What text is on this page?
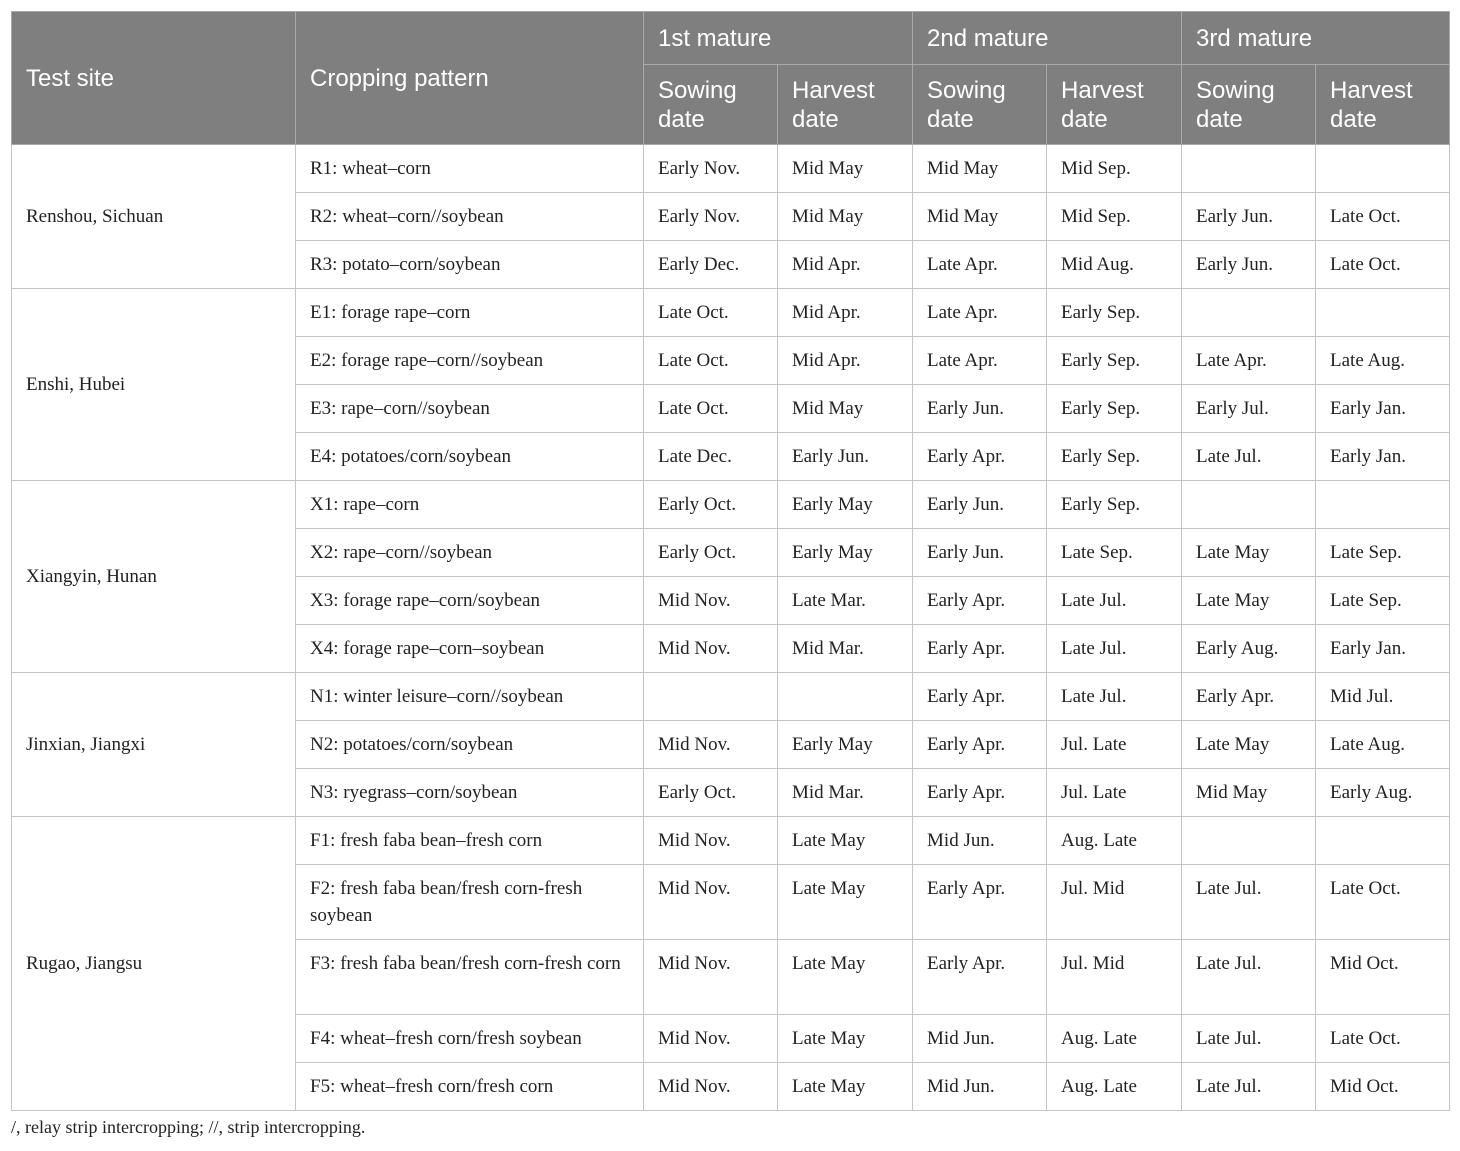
Test site	Cropping pattern	1st mature		2nd mature		3rd mature	
		Sowing date	Harvest date	Sowing date	Harvest date	Sowing date	Harvest date
Renshou, Sichuan	R1: wheat–corn	Early Nov.	Mid May	Mid May	Mid Sep.		
	R2: wheat–corn//soybean	Early Nov.	Mid May	Mid May	Mid Sep.	Early Jun.	Late Oct.
	R3: potato–corn/soybean	Early Dec.	Mid Apr.	Late Apr.	Mid Aug.	Early Jun.	Late Oct.
Enshi, Hubei	E1: forage rape–corn	Late Oct.	Mid Apr.	Late Apr.	Early Sep.		
	E2: forage rape–corn//soybean	Late Oct.	Mid Apr.	Late Apr.	Early Sep.	Late Apr.	Late Aug.
	E3: rape–corn//soybean	Late Oct.	Mid May	Early Jun.	Early Sep.	Early Jul.	Early Jan.
	E4: potatoes/corn/soybean	Late Dec.	Early Jun.	Early Apr.	Early Sep.	Late Jul.	Early Jan.
Xiangyin, Hunan	X1: rape–corn	Early Oct.	Early May	Early Jun.	Early Sep.		
	X2: rape–corn//soybean	Early Oct.	Early May	Early Jun.	Late Sep.	Late May	Late Sep.
	X3: forage rape–corn/soybean	Mid Nov.	Late Mar.	Early Apr.	Late Jul.	Late May	Late Sep.
	X4: forage rape–corn–soybean	Mid Nov.	Mid Mar.	Early Apr.	Late Jul.	Early Aug.	Early Jan.
Jinxian, Jiangxi	N1: winter leisure–corn//soybean			Early Apr.	Late Jul.	Early Apr.	Mid Jul.
	N2: potatoes/corn/soybean	Mid Nov.	Early May	Early Apr.	Jul. Late	Late May	Late Aug.
	N3: ryegrass–corn/soybean	Early Oct.	Mid Mar.	Early Apr.	Jul. Late	Mid May	Early Aug.
Rugao, Jiangsu	F1: fresh faba bean–fresh corn	Mid Nov.	Late May	Mid Jun.	Aug. Late		
	F2: fresh faba bean/fresh corn-fresh soybean	Mid Nov.	Late May	Early Apr.	Jul. Mid	Late Jul.	Late Oct.
	F3: fresh faba bean/fresh corn-fresh corn	Mid Nov.	Late May	Early Apr.	Jul. Mid	Late Jul.	Mid Oct.
	F4: wheat–fresh corn/fresh soybean	Mid Nov.	Late May	Mid Jun.	Aug. Late	Late Jul.	Late Oct.
	F5: wheat–fresh corn/fresh corn	Mid Nov.	Late May	Mid Jun.	Aug. Late	Late Jul.	Mid Oct.
/, relay strip intercropping; //, strip intercropping.
